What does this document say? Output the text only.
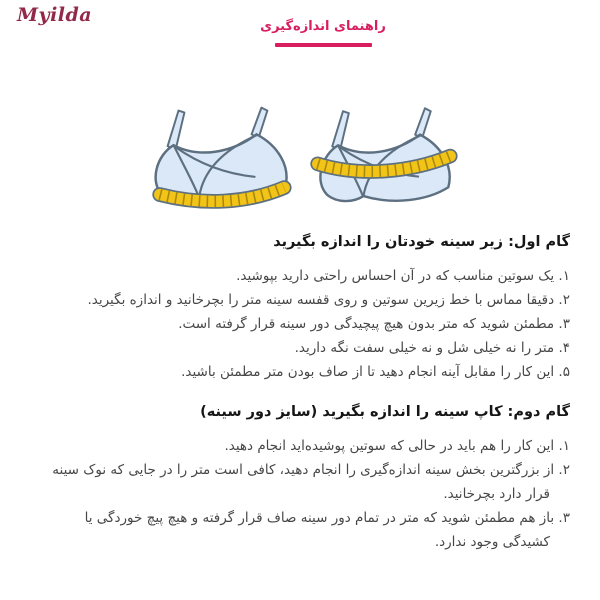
Myilda
راهنمای اندازه‌گیری
گام اول: زیر سینه خودتان را اندازه بگیرید
۱. یک سوتین مناسب که در آن احساس راحتی دارید بپوشید.
۲. دقیقا مماس با خط زیرین سوتین و روی قفسه سینه متر را بچرخانید و اندازه بگیرید.
۳. مطمئن شوید که متر بدون هیچ پیچیدگی دور سینه قرار گرفته است.
۴. متر را نه خیلی شل و نه خیلی سفت نگه دارید.
۵. این کار را مقابل آینه انجام دهید تا از صاف بودن متر مطمئن باشید.
گام دوم: کاپ سینه را اندازه بگیرید (سایز دور سینه)
۱. این کار را هم باید در حالی که سوتین پوشیده‌اید انجام دهید.
۲. از بزرگترین بخش سینه اندازه‌گیری را انجام دهید، کافی است متر را در جایی که نوک سینه قرار دارد بچرخانید.
۳. باز هم مطمئن شوید که متر در تمام دور سینه صاف قرار گرفته و هیچ پیچ خوردگی یا کشیدگی وجود ندارد.
